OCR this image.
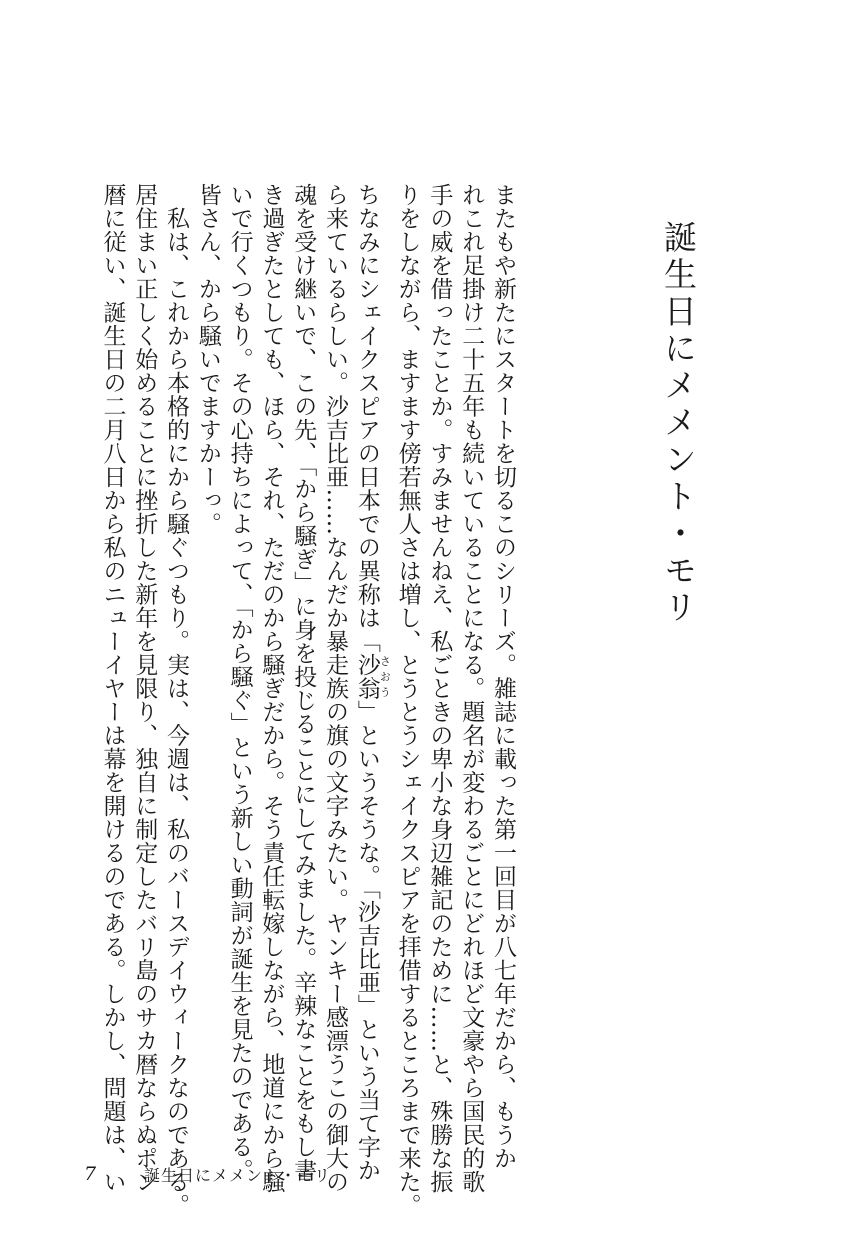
誕生日にメメント・モリ
またもや新たにスタートを切るこのシリーズ。雑誌に載った第一回目が八七年だから、もうか
れこれ足掛け二十五年も続いていることになる。題名が変わるごとにどれほど文豪やら国民的歌
手の威を借ったことか。すみませんねえ、私ごときの卑小な身辺雑記のために……と、殊勝な振
りをしながら、ますます傍若無人さは増し、とうとうシェイクスピアを拝借するところまで来た。
ちなみにシェイクスピアの日本での異称は「沙翁さおう」というそうな。「沙吉比亜」という当て字か
ら来ているらしい。沙吉比亜……なんだか暴走族の旗の文字みたい。ヤンキー感漂うこの御大の
魂を受け継いで、この先、「から騒ぎ」に身を投じることにしてみました。辛辣なことをもし書
き過ぎたとしても、ほら、それ、ただのから騒ぎだから。そう責任転嫁しながら、地道にから騒
いで行くつもり。その心持ちによって、「から騒ぐ」という新しい動詞が誕生を見たのである。
皆さん、から騒いでますかーっ。
　私は、これから本格的にから騒ぐつもり。実は、今週は、私のバースデイウィークなのである。
居住まい正しく始めることに挫折した新年を見限り、独自に制定したバリ島のサカ暦ならぬポン
暦に従い、誕生日の二月八日から私のニューイヤーは幕を開けるのである。しかし、問題は、い
7	誕生日にメメント・モリ
